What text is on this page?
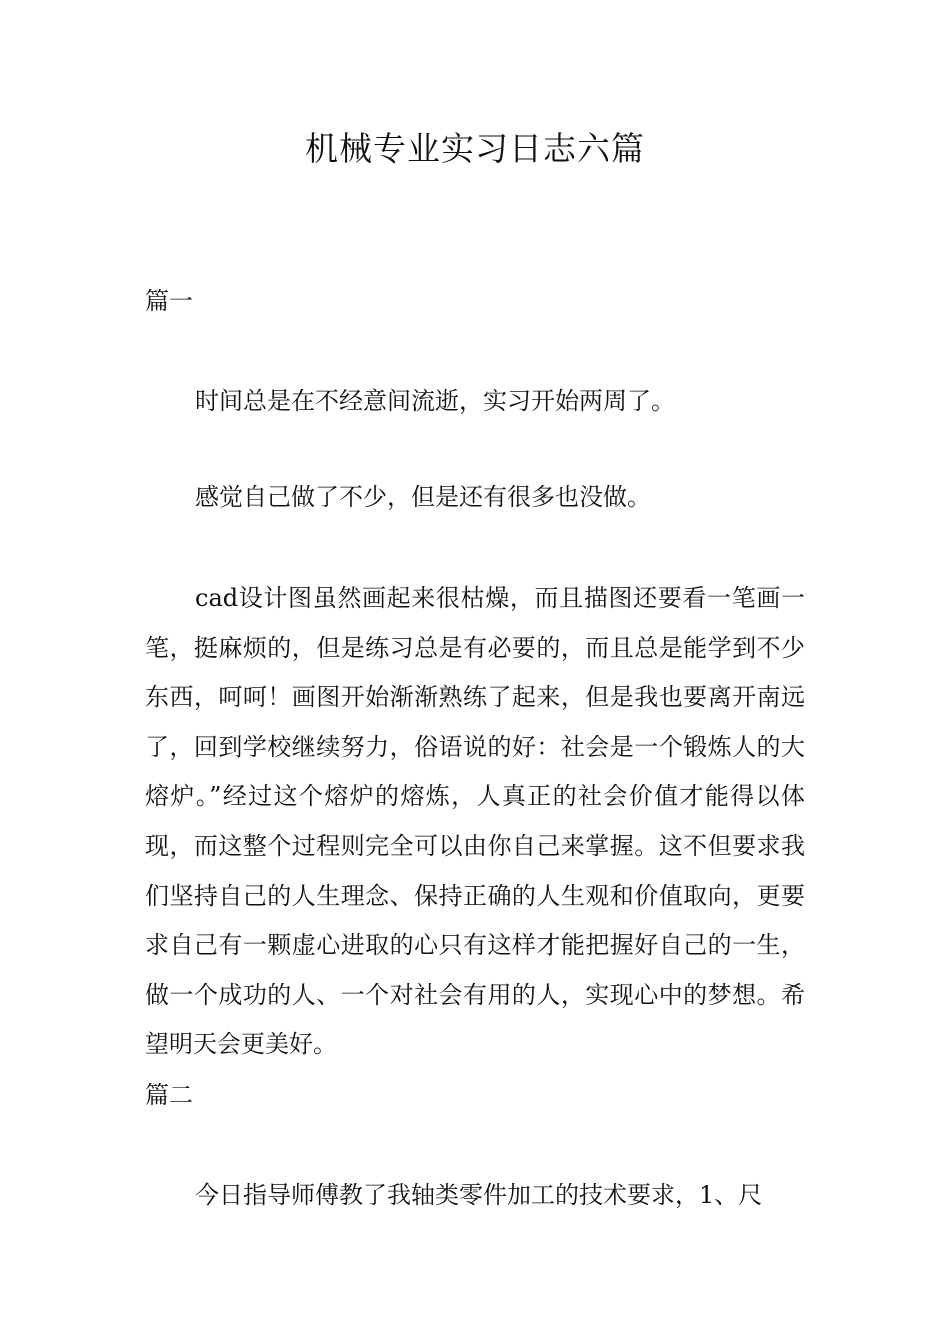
机械专业实习日志六篇
篇一

时间总是在不经意间流逝，实习开始两周了。

感觉自己做了不少，但是还有很多也没做。

cad设计图虽然画起来很枯燥，而且描图还要看一笔画一笔，挺麻烦的，但是练习总是有必要的，而且总是能学到不少东西，呵呵！画图开始渐渐熟练了起来，但是我也要离开南远了，回到学校继续努力，俗语说的好：社会是一个锻炼人的大熔炉。”经过这个熔炉的熔炼，人真正的社会价值才能得以体现，而这整个过程则完全可以由你自己来掌握。这不但要求我们坚持自己的人生理念、保持正确的人生观和价值取向，更要求自己有一颗虚心进取的心只有这样才能把握好自己的一生，做一个成功的人、一个对社会有用的人，实现心中的梦想。希望明天会更美好。

篇二

今日指导师傅教了我轴类零件加工的技术要求，1、尺
